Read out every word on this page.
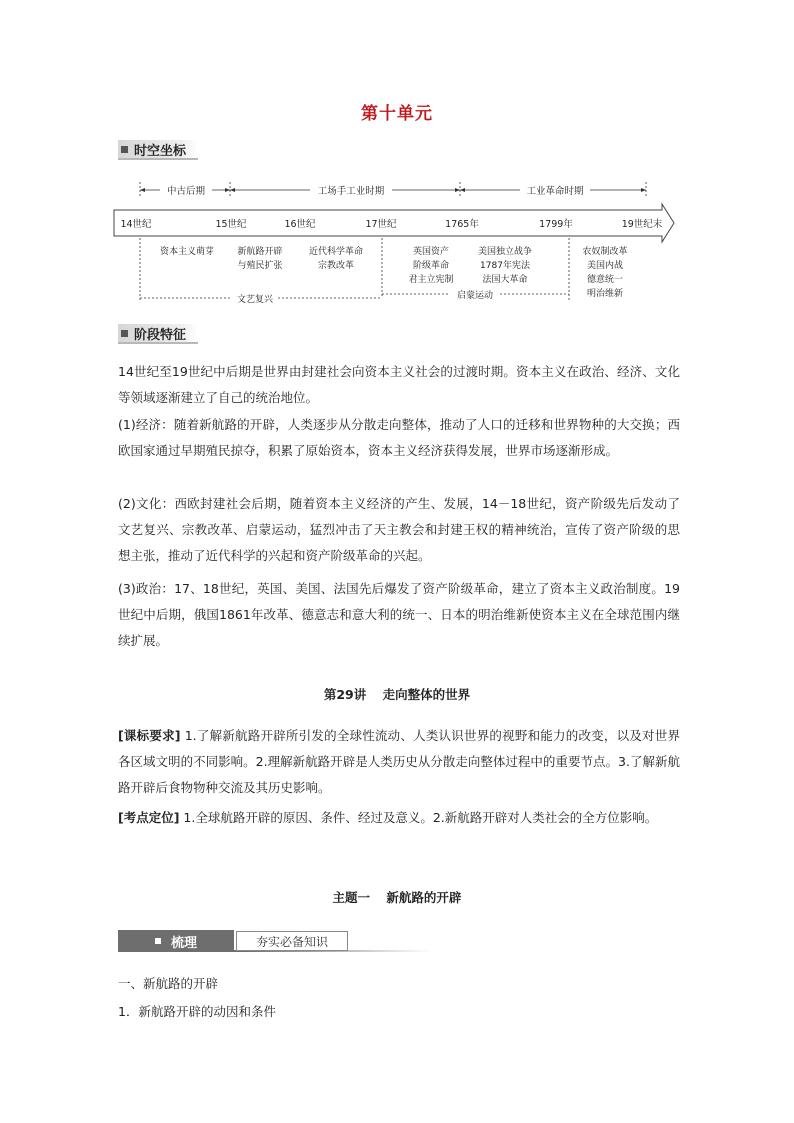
第十单元
时空坐标
中古后期	工场手工业时期	工业革命时期
14世纪	15世纪	16世纪	17世纪	1765年	1799年	19世纪末
资本主义萌芽	新航路开辟
与殖民扩张
近代科学革命
宗教改革
英国资产
阶级革命
君主立宪制
美国独立战争
1787年宪法
法国大革命
农奴制改革
美国内战
德意统一
明治维新
文艺复兴	启蒙运动
阶段特征
14世纪至19世纪中后期是世界由封建社会向资本主义社会的过渡时期。资本主义在政治、经济、文化等领域逐渐建立了自己的统治地位。
(1)经济：随着新航路的开辟，人类逐步从分散走向整体，推动了人口的迁移和世界物种的大交换；西欧国家通过早期殖民掠夺，积累了原始资本，资本主义经济获得发展，世界市场逐渐形成。
(2)文化：西欧封建社会后期，随着资本主义经济的产生、发展，14－18世纪，资产阶级先后发动了文艺复兴、宗教改革、启蒙运动，猛烈冲击了天主教会和封建王权的精神统治，宣传了资产阶级的思想主张，推动了近代科学的兴起和资产阶级革命的兴起。
(3)政治：17、18世纪，英国、美国、法国先后爆发了资产阶级革命，建立了资本主义政治制度。19世纪中后期，俄国1861年改革、德意志和意大利的统一、日本的明治维新使资本主义在全球范围内继续扩展。
第29讲 走向整体的世界
[课标要求] 1.了解新航路开辟所引发的全球性流动、人类认识世界的视野和能力的改变，以及对世界各区域文明的不同影响。2.理解新航路开辟是人类历史从分散走向整体过程中的重要节点。3.了解新航路开辟后食物物种交流及其历史影响。
[考点定位] 1.全球航路开辟的原因、条件、经过及意义。2.新航路开辟对人类社会的全方位影响。
主题一 新航路的开辟
梳理	夯实必备知识
一、新航路的开辟
1．新航路开辟的动因和条件
